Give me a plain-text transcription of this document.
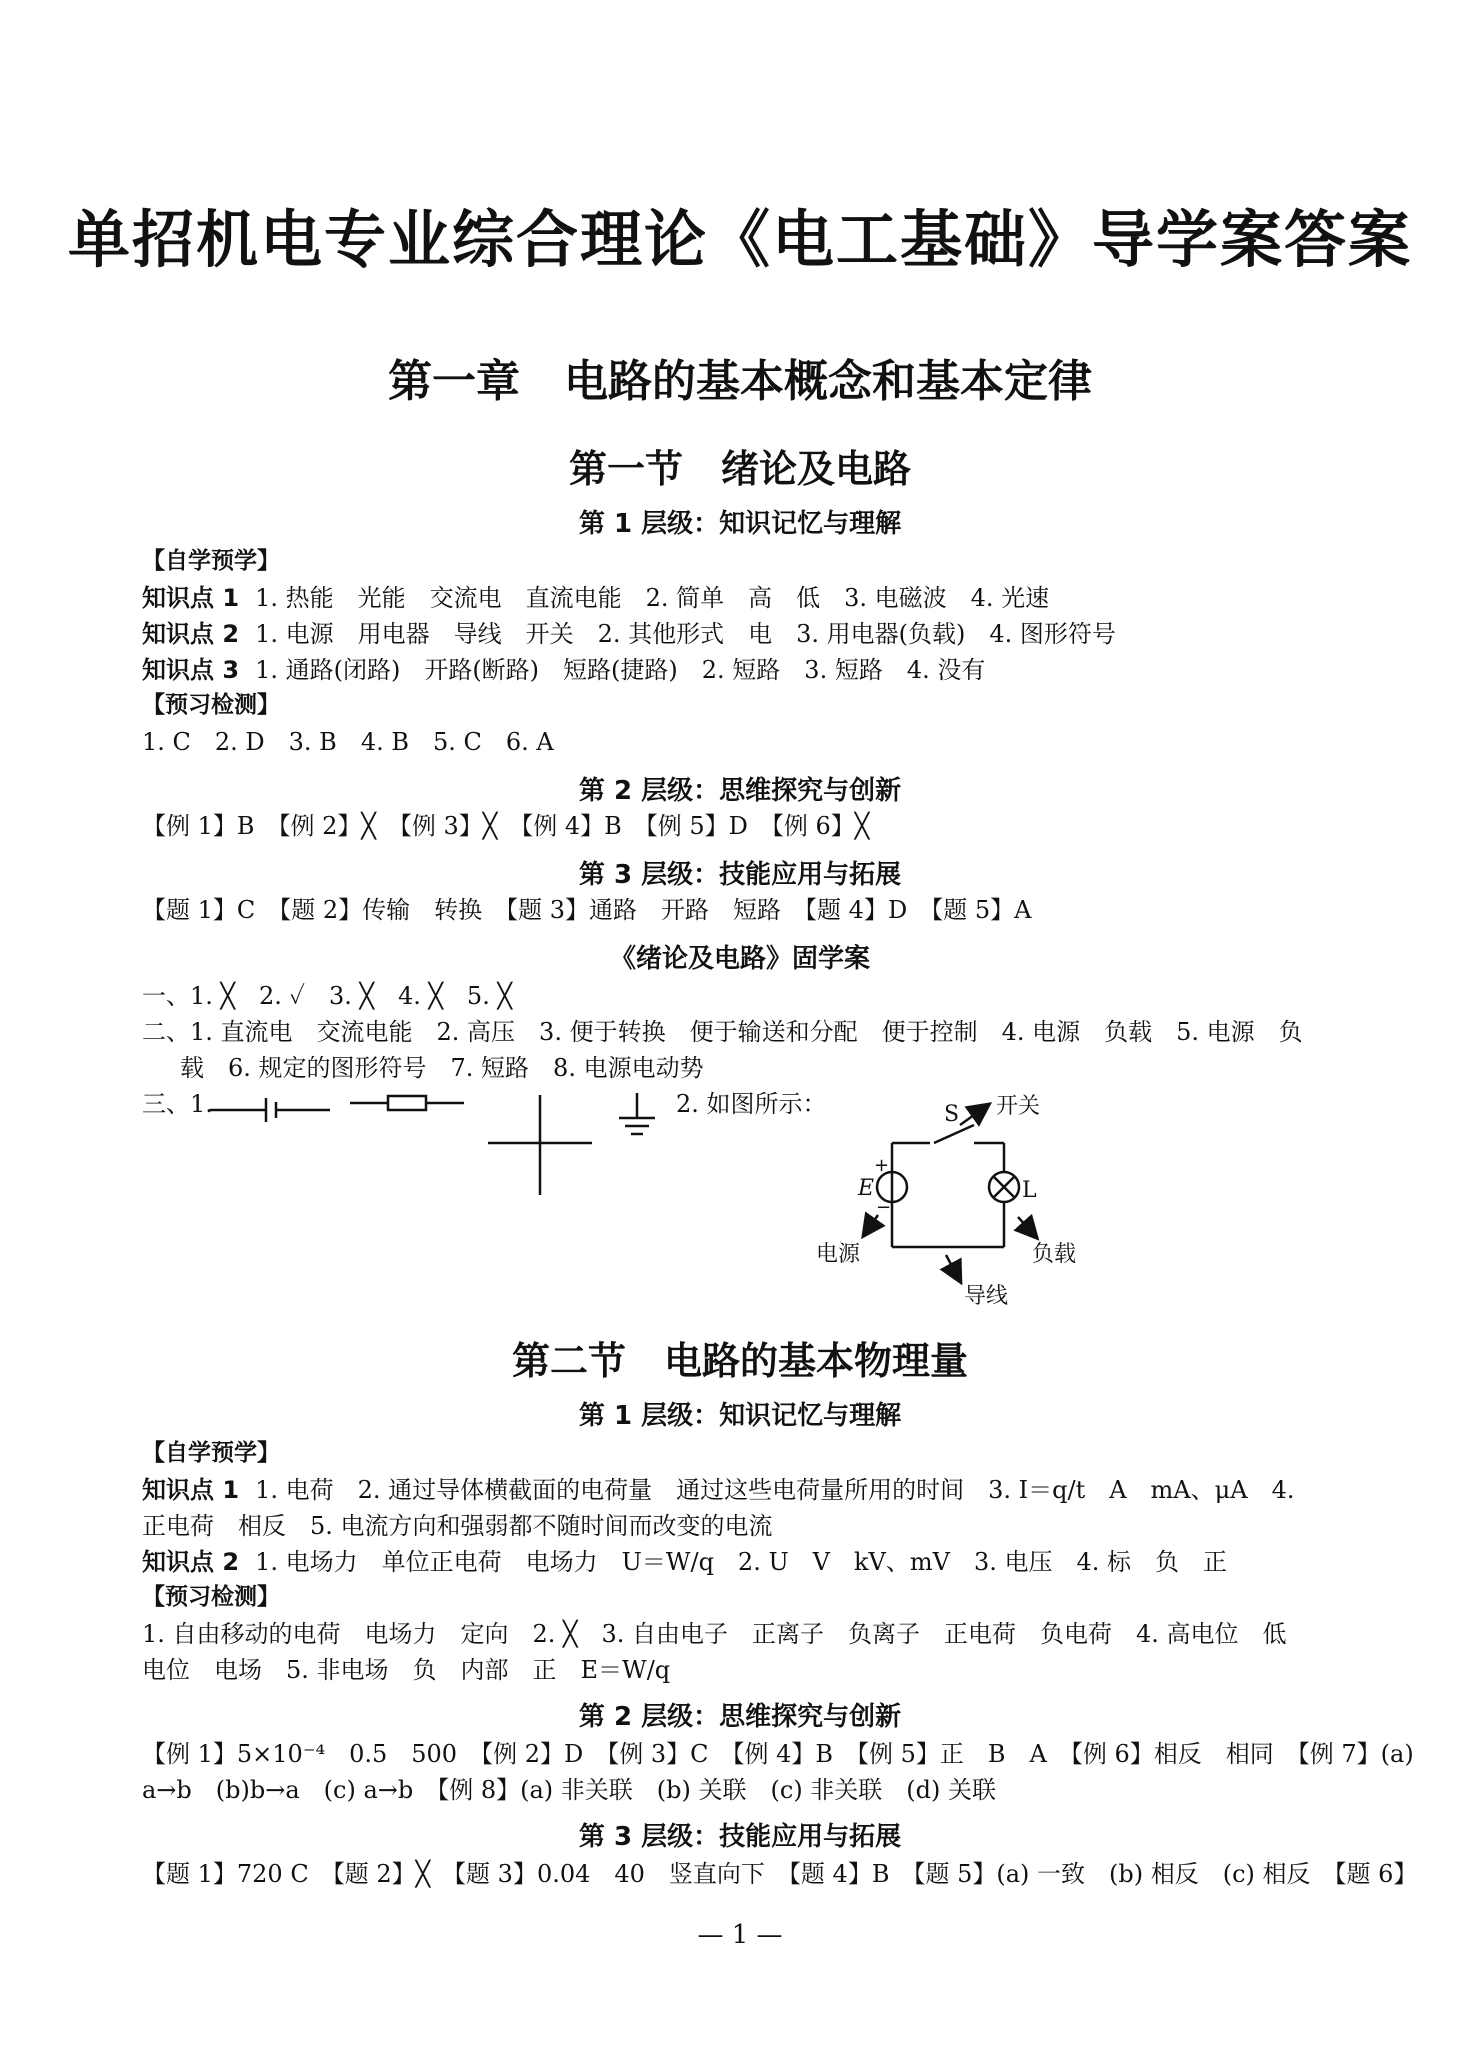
单招机电专业综合理论《电工基础》导学案答案
第一章　电路的基本概念和基本定律
第一节　绪论及电路
第 1 层级：知识记忆与理解
【自学预学】
知识点 1 1. 热能　光能　交流电　直流电能　2. 简单　高　低　3. 电磁波　4. 光速
知识点 2 1. 电源　用电器　导线　开关　2. 其他形式　电　3. 用电器(负载)　4. 图形符号
知识点 3 1. 通路(闭路)　开路(断路)　短路(捷路)　2. 短路　3. 短路　4. 没有
【预习检测】
1. C　2. D　3. B　4. B　5. C　6. A
第 2 层级：思维探究与创新
【例 1】B　【例 2】╳　【例 3】╳　【例 4】B　【例 5】D　【例 6】╳
第 3 层级：技能应用与拓展
【题 1】C　【题 2】传输　转换　【题 3】通路　开路　短路　【题 4】D　【题 5】A
《绪论及电路》固学案
一、1. ╳　2. ✓　3. ╳　4. ╳　5. ╳
二、1. 直流电　交流电能　2. 高压　3. 便于转换　便于输送和分配　便于控制　4. 电源　负载　5. 电源　负
载　6. 规定的图形符号　7. 短路　8. 电源电动势
三、1.	2. 如图所示：	S 开关
E
+
−
L
电源	负载
导线
第二节　电路的基本物理量
第 1 层级：知识记忆与理解
【自学预学】
知识点 1 1. 电荷　2. 通过导体横截面的电荷量　通过这些电荷量所用的时间　3. I＝q/t　A　mA、μA　4.
正电荷　相反　5. 电流方向和强弱都不随时间而改变的电流
知识点 2 1. 电场力　单位正电荷　电场力　U＝W/q　2. U　V　kV、mV　3. 电压　4. 标　负　正
【预习检测】
1. 自由移动的电荷　电场力　定向　2. ╳　3. 自由电子　正离子　负离子　正电荷　负电荷　4. 高电位　低
电位　电场　5. 非电场　负　内部　正　E＝W/q
第 2 层级：思维探究与创新
【例 1】5×10⁻⁴　0.5　500　【例 2】D　【例 3】C　【例 4】B　【例 5】正　B　A　【例 6】相反　相同　【例 7】(a)
a→b　(b)b→a　(c) a→b　【例 8】(a) 非关联　(b) 关联　(c) 非关联　(d) 关联
第 3 层级：技能应用与拓展
【题 1】720 C　【题 2】╳　【题 3】0.04　40　竖直向下　【题 4】B　【题 5】(a) 一致　(b) 相反　(c) 相反　【题 6】
— 1 —
